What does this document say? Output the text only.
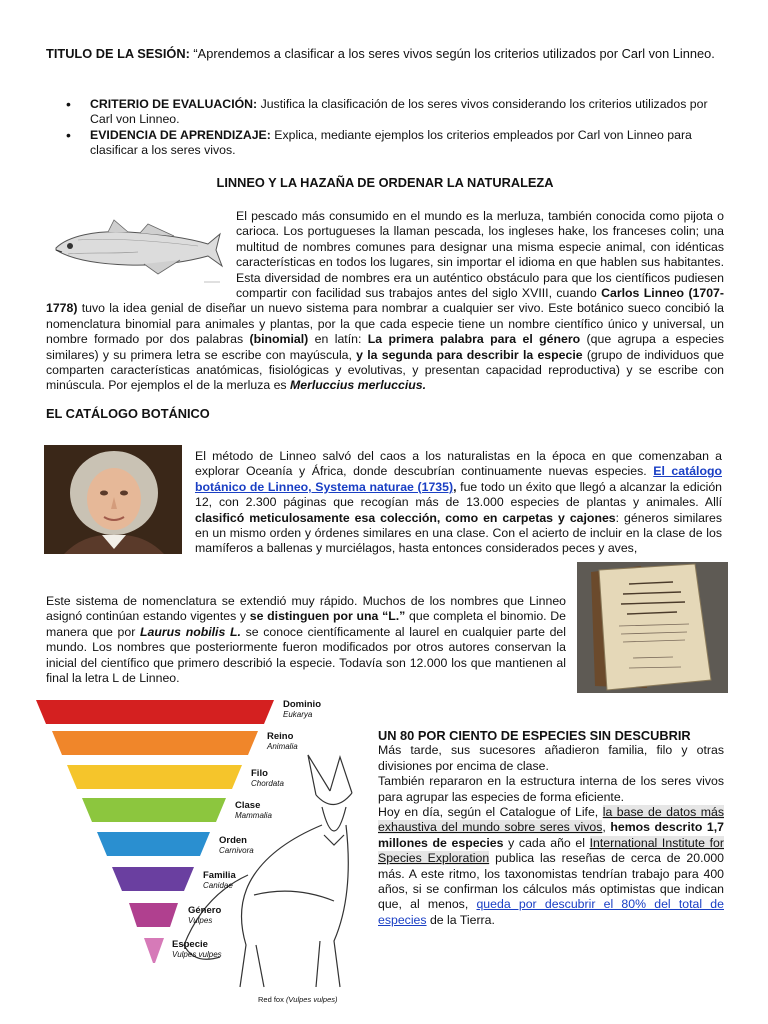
TITULO DE LA SESIÓN: “Aprendemos a clasificar a los seres vivos según los criterios utilizados por Carl von Linneo.
• CRITERIO DE EVALUACIÓN: Justifica la clasificación de los seres vivos considerando los criterios utilizados por Carl von Linneo.
• EVIDENCIA DE APRENDIZAJE: Explica, mediante ejemplos los criterios empleados por Carl von Linneo para clasificar a los seres vivos.
LINNEO Y LA HAZAÑA DE ORDENAR LA NATURALEZA
El pescado más consumido en el mundo es la merluza, también conocida como pijota o carioca. Los portugueses la llaman pescada, los ingleses hake, los franceses colin; una multitud de nombres comunes para designar una misma especie animal, con idénticas características en todos los lugares, sin importar el idioma en que hablen sus habitantes. Esta diversidad de nombres era un auténtico obstáculo para que los científicos pudiesen compartir con facilidad sus trabajos antes del siglo XVIII, cuando Carlos Linneo (1707-1778) tuvo la idea genial de diseñar un nuevo sistema para nombrar a cualquier ser vivo. Este botánico sueco concibió la nomenclatura binomial para animales y plantas, por la que cada especie tiene un nombre científico único y universal, un nombre formado por dos palabras (binomial) en latín: La primera palabra para el género (que agrupa a especies similares) y su primera letra se escribe con mayúscula, y la segunda para describir la especie (grupo de individuos que comparten características anatómicas, fisiológicas y evolutivas, y presentan capacidad reproductiva) y se escribe con minúscula. Por ejemplos el de la merluza es Merluccius merluccius.
EL CATÁLOGO BOTÁNICO
El método de Linneo salvó del caos a los naturalistas en la época en que comenzaban a explorar Oceanía y África, donde descubrían continuamente nuevas especies. El catálogo botánico de Linneo, Systema naturae (1735), fue todo un éxito que llegó a alcanzar la edición 12, con 2.300 páginas que recogían más de 13.000 especies de plantas y animales. Allí clasificó meticulosamente esa colección, como en carpetas y cajones: géneros similares en un mismo orden y órdenes similares en una clase. Con el acierto de incluir en la clase de los mamíferos a ballenas y murciélagos, hasta entonces considerados peces y aves,
Este sistema de nomenclatura se extendió muy rápido. Muchos de los nombres que Linneo asignó continúan estando vigentes y se distinguen por una “L.” que completa el binomio. De manera que por Laurus nobilis L. se conoce científicamente al laurel en cualquier parte del mundo. Los nombres que posteriormente fueron modificados por otros autores conservan la inicial del científico que primero describió la especie. Todavía son 12.000 los que mantienen al final la letra L de Linneo.
Dominio
Eukarya
Reino
Animalia
Filo
Chordata
Clase
Mammalia
Orden
Carnivora
Familia
Canidae
Género
Vulpes
Especie
Vulpes vulpes
Red fox (Vulpes vulpes)
UN 80 POR CIENTO DE ESPECIES SIN DESCUBRIR
Más tarde, sus sucesores añadieron familia, filo y otras divisiones por encima de clase.
También repararon en la estructura interna de los seres vivos para agrupar las especies de forma eficiente.
Hoy en día, según el Catalogue of Life, la base de datos más exhaustiva del mundo sobre seres vivos, hemos descrito 1,7 millones de especies y cada año el International Institute for Species Exploration publica las reseñas de cerca de 20.000 más. A este ritmo, los taxonomistas tendrían trabajo para 400 años, si se confirman los cálculos más optimistas que indican que, al menos, queda por descubrir el 80% del total de especies de la Tierra.
